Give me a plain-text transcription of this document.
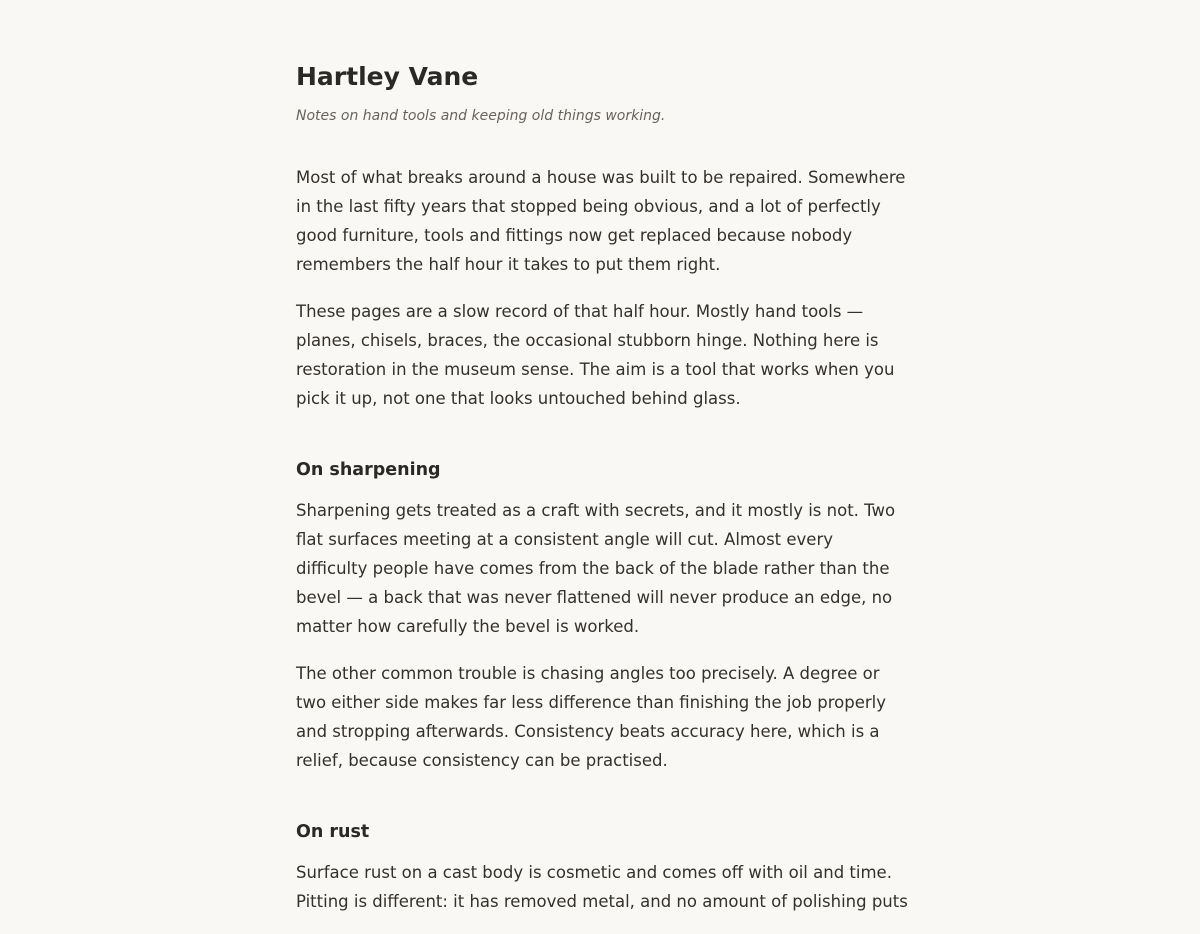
Hartley Vane

Notes on hand tools and keeping old things working.

Most of what breaks around a house was built to be repaired. Somewhere in the last fifty years that stopped being obvious, and a lot of perfectly good furniture, tools and fittings now get replaced because nobody remembers the half hour it takes to put them right.

These pages are a slow record of that half hour. Mostly hand tools — planes, chisels, braces, the occasional stubborn hinge. Nothing here is restoration in the museum sense. The aim is a tool that works when you pick it up, not one that looks untouched behind glass.

On sharpening

Sharpening gets treated as a craft with secrets, and it mostly is not. Two flat surfaces meeting at a consistent angle will cut. Almost every difficulty people have comes from the back of the blade rather than the bevel — a back that was never flattened will never produce an edge, no matter how carefully the bevel is worked.

The other common trouble is chasing angles too precisely. A degree or two either side makes far less difference than finishing the job properly and stropping afterwards. Consistency beats accuracy here, which is a relief, because consistency can be practised.

On rust

Surface rust on a cast body is cosmetic and comes off with oil and time. Pitting is different: it has removed metal, and no amount of polishing puts
